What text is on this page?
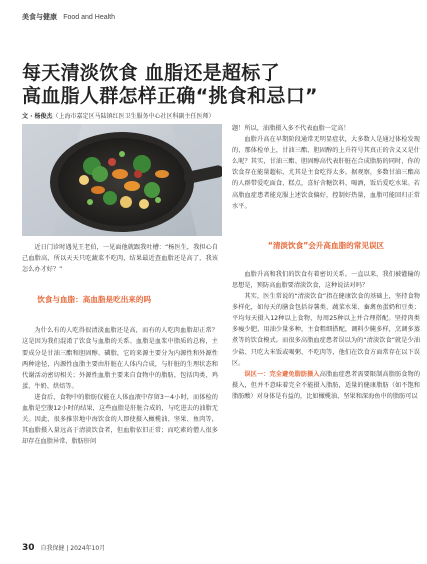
美食与健康 Food and Health
每天清淡饮食 血脂还是超标了
高血脂人群怎样正确“挑食和忌口”
文 · 杨俊杰（上海市嘉定区马陆镇红医卫生服务中心社区科副主任医师）

近日门诊时遇见王老伯，一见面他就跟我吐槽：“杨医生，我担心自己血脂高，所以天天只吃蔬菜不吃肉，结果最近查血脂还是高了，我该怎么办才好？”

饮食与血脂：高血脂是吃出来的吗

为什么有的人吃得很清淡血脂还是高，而有的人吃肉血脂却正常？这是因为我们混淆了饮食与血脂的关系。血脂是血浆中脂质的总称，主要成分是甘油三酯和胆固醇、磷脂，它的来源主要分为内源性和外源性两种途径，内源性血脂主要由肝脏在人体内合成，与肝脏的生理状态和代谢活动密切相关；外源性血脂主要来自食物中的脂肪，包括肉类、鸡蛋、牛奶、烘焙等。

进食后，食物中的脂肪仅能在人体血液中存留3～4小时，而体检的血脂是空腹12小时的结果，这些血脂是肝脏合成的，与吃进去的油脂无关。因此，很多推崇地中海饮食的人即使摄入橄榄油、坚果、鱼肉等，其血脂摄入量远高于清淡饮食者，但血脂依旧正常；而吃素的僧人很多却存在血脂异常、脂肪肝问

题！所以，油脂摄入多不代表血脂一定高！

血脂升高在早期阶段通常无明显症状，大多数人是通过体检发现的，那体检单上，甘油三酯、胆固醇的上升符号其真正的含义又是什么呢？其实，甘油三酯、胆固醇高代表肝脏在合成脂肪的同时，你的饮食存在能量超标，尤其是主食吃得太多。据观察，多数甘油三酯高的人群带爱吃面食、糕点，喜好含糖饮料、喝酒，饭后爱吃水果。若高脂血症患者能克服上述饮食偏好，控制好热量，血脂可能回归正常水平。

“清淡饮食”会升高血脂的常见误区

血脂升高和我们的饮食有着密切关系。一直以来，我们被灌输的思想是，预防高血脂要清淡饮食，这种说法对吗？

其实，医生常说的“清淡饮食”指在健康饮食的基础上，坚持食物多样化，如每天的膳食包括谷薯类、蔬菜水果、畜禽鱼蛋奶和豆类；平均每天摄入12种以上食物，每周25种以上并合理搭配。坚持肉类多瘦少肥，用油少量多种，主食粗细搭配，调料少腌多样，烹调多蒸煮等的饮食模式。而很多高脂血症患者误以为的“清淡饮食”就是少油少盐、只吃大米饭或喝粥、不吃肉等，他们在饮食方面常存在以下误区。

误区一：完全避免脂肪摄入高脂血症患者需要限制高脂肪食物的摄入，但并不意味着完全不能摄入脂肪，适量的健康脂肪（如不饱和脂肪酸）对身体是有益的，比如橄榄油、坚果和深海鱼中的脂肪可以

30 自我保健 | 2024年10月
